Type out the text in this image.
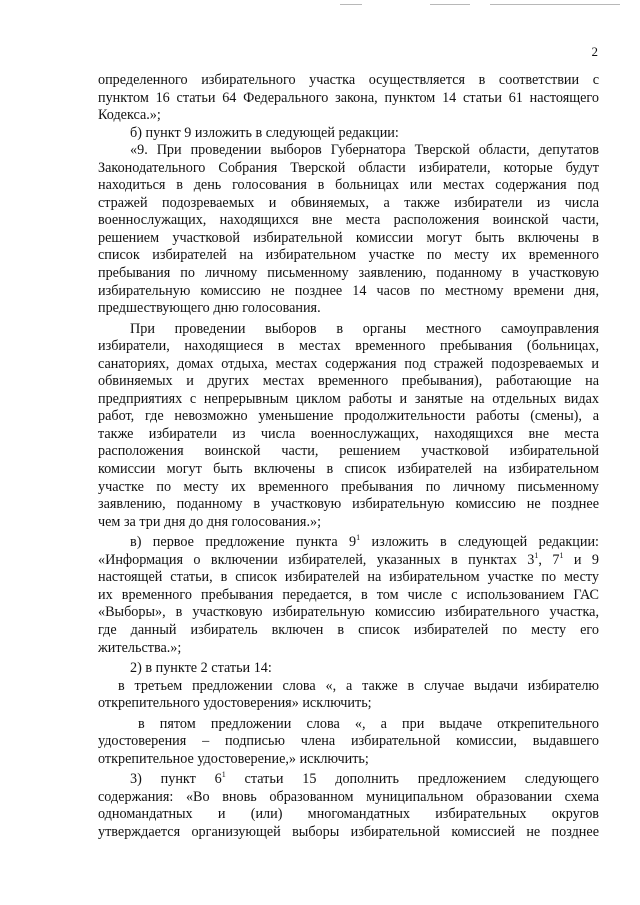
2

определенного избирательного участка осуществляется в соответствии с

пунктом 16 статьи 64 Федерального закона, пунктом 14 статьи 61 настоящего

Кодекса.»;

б) пункт 9 изложить в следующей редакции:

«9. При проведении выборов Губернатора Тверской области, депутатов

Законодательного Собрания Тверской области избиратели, которые будут

находиться в день голосования в больницах или местах содержания под

стражей подозреваемых и обвиняемых, а также избиратели из числа

военнослужащих, находящихся вне места расположения воинской части,

решением участковой избирательной комиссии могут быть включены в

список избирателей на избирательном участке по месту их временного

пребывания по личному письменному заявлению, поданному в участковую

избирательную комиссию не позднее 14 часов по местному времени дня,

предшествующего дню голосования.

При проведении выборов в органы местного самоуправления

избиратели, находящиеся в местах временного пребывания (больницах,

санаториях, домах отдыха, местах содержания под стражей подозреваемых и

обвиняемых и других местах временного пребывания), работающие на

предприятиях с непрерывным циклом работы и занятые на отдельных видах

работ, где невозможно уменьшение продолжительности работы (смены), а

также избиратели из числа военнослужащих, находящихся вне места

расположения воинской части, решением участковой избирательной

комиссии могут быть включены в список избирателей на избирательном

участке по месту их временного пребывания по личному письменному

заявлению, поданному в участковую избирательную комиссию не позднее

чем за три дня до дня голосования.»;

в) первое предложение пункта $9^1$ изложить в следующей редакции:

«Информация о включении избирателей, указанных в пунктах $3^1$, $7^1$ и 9

настоящей статьи, в список избирателей на избирательном участке по месту

их временного пребывания передается, в том числе с использованием ГАС

«Выборы», в участковую избирательную комиссию избирательного участка,

где данный избиратель включен в список избирателей по месту его

жительства.»;

2) в пункте 2 статьи 14:

в третьем предложении слова «, а также в случае выдачи избирателю

открепительного удостоверения» исключить;

в пятом предложении слова «, а при выдаче открепительного

удостоверения – подписью члена избирательной комиссии, выдавшего

открепительное удостоверение,» исключить;

3) пункт $6^1$ статьи 15 дополнить предложением следующего

содержания: «Во вновь образованном муниципальном образовании схема

одномандатных и (или) многомандатных избирательных округов

утверждается организующей выборы избирательной комиссией не позднее
